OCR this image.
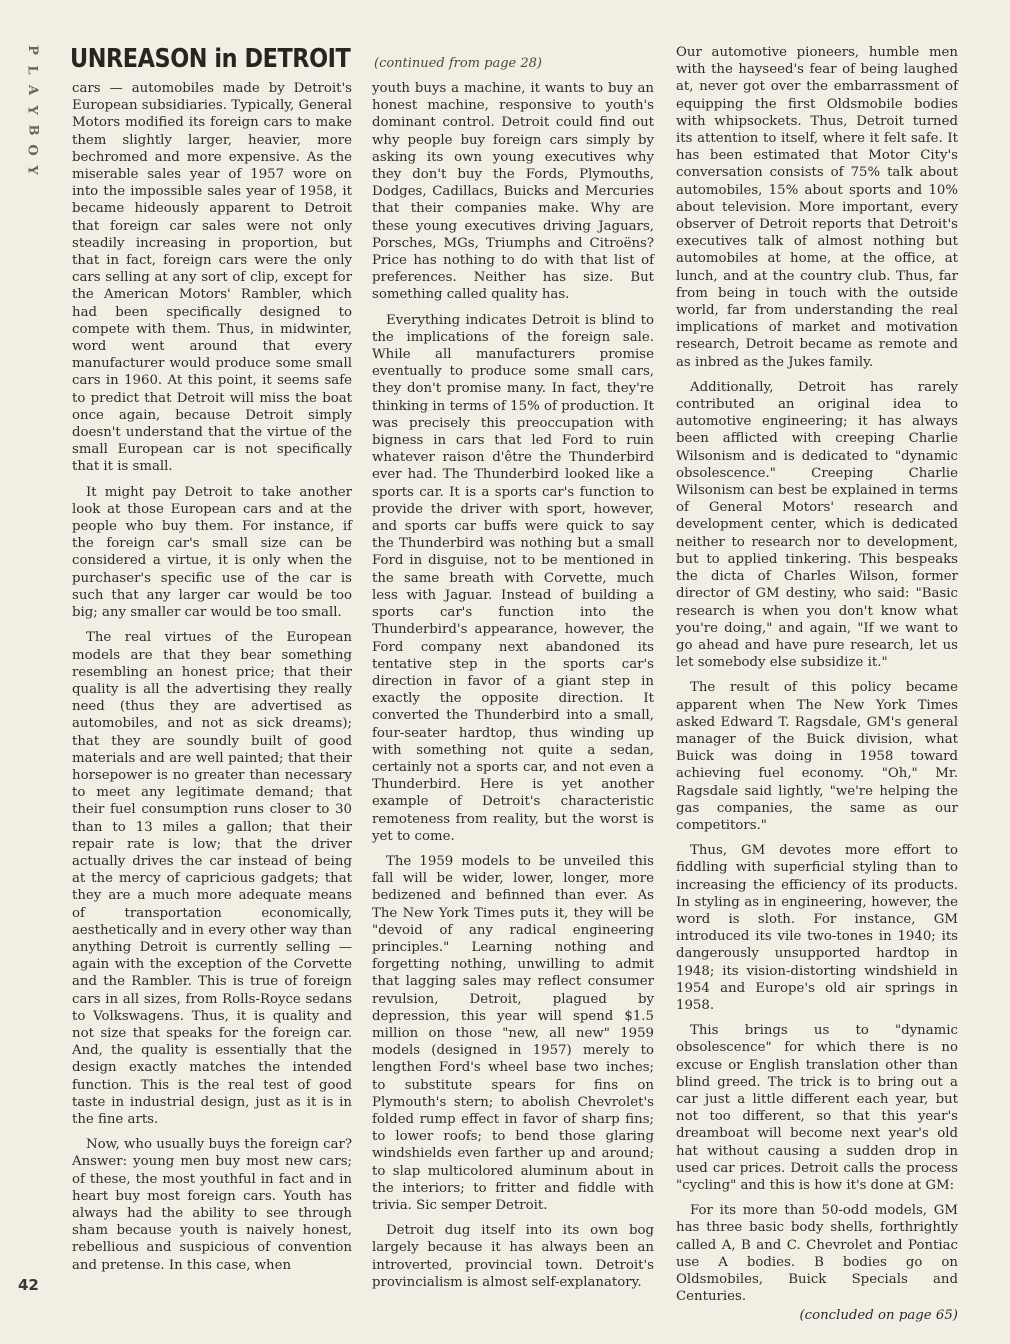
P
L
A
Y
B
O
Y
UNREASON in DETROIT (continued from page 28)

cars — automobiles made by Detroit's European subsidiaries. Typically, General Motors modified its foreign cars to make them slightly larger, heavier, more bechromed and more expensive. As the miserable sales year of 1957 wore on into the impossible sales year of 1958, it became hideously apparent to Detroit that foreign car sales were not only steadily increasing in proportion, but that in fact, foreign cars were the only cars selling at any sort of clip, except for the American Motors' Rambler, which had been specifically designed to compete with them. Thus, in midwinter, word went around that every manufacturer would produce some small cars in 1960. At this point, it seems safe to predict that Detroit will miss the boat once again, because Detroit simply doesn't understand that the virtue of the small European car is not specifically that it is small.

It might pay Detroit to take another look at those European cars and at the people who buy them. For instance, if the foreign car's small size can be considered a virtue, it is only when the purchaser's specific use of the car is such that any larger car would be too big; any smaller car would be too small.

The real virtues of the European models are that they bear something resembling an honest price; that their quality is all the advertising they really need (thus they are advertised as automobiles, and not as sick dreams); that they are soundly built of good materials and are well painted; that their horsepower is no greater than necessary to meet any legitimate demand; that their fuel consumption runs closer to 30 than to 13 miles a gallon; that their repair rate is low; that the driver actually drives the car instead of being at the mercy of capricious gadgets; that they are a much more adequate means of transportation economically, aesthetically and in every other way than anything Detroit is currently selling — again with the exception of the Corvette and the Rambler. This is true of foreign cars in all sizes, from Rolls-Royce sedans to Volkswagens. Thus, it is quality and not size that speaks for the foreign car. And, the quality is essentially that the design exactly matches the intended function. This is the real test of good taste in industrial design, just as it is in the fine arts.

Now, who usually buys the foreign car? Answer: young men buy most new cars; of these, the most youthful in fact and in heart buy most foreign cars. Youth has always had the ability to see through sham because youth is naively honest, rebellious and suspicious of convention and pretense. In this case, when

youth buys a machine, it wants to buy an honest machine, responsive to youth's dominant control. Detroit could find out why people buy foreign cars simply by asking its own young executives why they don't buy the Fords, Plymouths, Dodges, Cadillacs, Buicks and Mercuries that their companies make. Why are these young executives driving Jaguars, Porsches, MGs, Triumphs and Citroëns? Price has nothing to do with that list of preferences. Neither has size. But something called quality has.

Everything indicates Detroit is blind to the implications of the foreign sale. While all manufacturers promise eventually to produce some small cars, they don't promise many. In fact, they're thinking in terms of 15% of production. It was precisely this preoccupation with bigness in cars that led Ford to ruin whatever raison d'être the Thunderbird ever had. The Thunderbird looked like a sports car. It is a sports car's function to provide the driver with sport, however, and sports car buffs were quick to say the Thunderbird was nothing but a small Ford in disguise, not to be mentioned in the same breath with Corvette, much less with Jaguar. Instead of building a sports car's function into the Thunderbird's appearance, however, the Ford company next abandoned its tentative step in the sports car's direction in favor of a giant step in exactly the opposite direction. It converted the Thunderbird into a small, four-seater hardtop, thus winding up with something not quite a sedan, certainly not a sports car, and not even a Thunderbird. Here is yet another example of Detroit's characteristic remoteness from reality, but the worst is yet to come.

The 1959 models to be unveiled this fall will be wider, lower, longer, more bedizened and befinned than ever. As The New York Times puts it, they will be "devoid of any radical engineering principles." Learning nothing and forgetting nothing, unwilling to admit that lagging sales may reflect consumer revulsion, Detroit, plagued by depression, this year will spend $1.5 million on those "new, all new" 1959 models (designed in 1957) merely to lengthen Ford's wheel base two inches; to substitute spears for fins on Plymouth's stern; to abolish Chevrolet's folded rump effect in favor of sharp fins; to lower roofs; to bend those glaring windshields even farther up and around; to slap multicolored aluminum about in the interiors; to fritter and fiddle with trivia. Sic semper Detroit.

Detroit dug itself into its own bog largely because it has always been an introverted, provincial town. Detroit's provincialism is almost self-explanatory.

Our automotive pioneers, humble men with the hayseed's fear of being laughed at, never got over the embarrassment of equipping the first Oldsmobile bodies with whipsockets. Thus, Detroit turned its attention to itself, where it felt safe. It has been estimated that Motor City's conversation consists of 75% talk about automobiles, 15% about sports and 10% about television. More important, every observer of Detroit reports that Detroit's executives talk of almost nothing but automobiles at home, at the office, at lunch, and at the country club. Thus, far from being in touch with the outside world, far from understanding the real implications of market and motivation research, Detroit became as remote and as inbred as the Jukes family.

Additionally, Detroit has rarely contributed an original idea to automotive engineering; it has always been afflicted with creeping Charlie Wilsonism and is dedicated to "dynamic obsolescence." Creeping Charlie Wilsonism can best be explained in terms of General Motors' research and development center, which is dedicated neither to research nor to development, but to applied tinkering. This bespeaks the dicta of Charles Wilson, former director of GM destiny, who said: "Basic research is when you don't know what you're doing," and again, "If we want to go ahead and have pure research, let us let somebody else subsidize it."

The result of this policy became apparent when The New York Times asked Edward T. Ragsdale, GM's general manager of the Buick division, what Buick was doing in 1958 toward achieving fuel economy. "Oh," Mr. Ragsdale said lightly, "we're helping the gas companies, the same as our competitors."

Thus, GM devotes more effort to fiddling with superficial styling than to increasing the efficiency of its products. In styling as in engineering, however, the word is sloth. For instance, GM introduced its vile two-tones in 1940; its dangerously unsupported hardtop in 1948; its vision-distorting windshield in 1954 and Europe's old air springs in 1958.

This brings us to "dynamic obsolescence" for which there is no excuse or English translation other than blind greed. The trick is to bring out a car just a little different each year, but not too different, so that this year's dreamboat will become next year's old hat without causing a sudden drop in used car prices. Detroit calls the process "cycling" and this is how it's done at GM:

For its more than 50-odd models, GM has three basic body shells, forthrightly called A, B and C. Chevrolet and Pontiac use A bodies. B bodies go on Oldsmobiles, Buick Specials and Centuries.

(concluded on page 65)
42
